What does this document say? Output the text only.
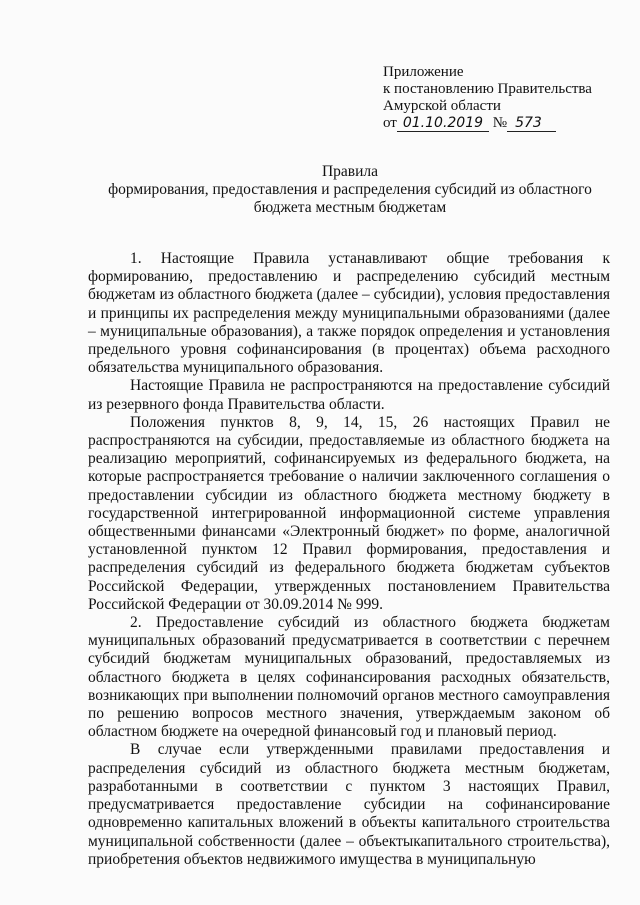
Приложение
к постановлению Правительства
Амурской области
от 01.10.2019 № 573
Правила
формирования, предоставления и распределения субсидий из областного бюджета местным бюджетам

1. Настоящие Правила устанавливают общие требования к формированию, предоставлению и распределению субсидий местным бюджетам из областного бюджета (далее – субсидии), условия предоставления и принципы их распределения между муниципальными образованиями (далее – муниципальные образования), а также порядок определения и установления предельного уровня софинансирования (в процентах) объема расходного обязательства муниципального образования.

Настоящие Правила не распространяются на предоставление субсидий из резервного фонда Правительства области.

Положения пунктов 8, 9, 14, 15, 26 настоящих Правил не распространяются на субсидии, предоставляемые из областного бюджета на реализацию мероприятий, софинансируемых из федерального бюджета, на которые распространяется требование о наличии заключенного соглашения о предоставлении субсидии из областного бюджета местному бюджету в государственной интегрированной информационной системе управления общественными финансами «Электронный бюджет» по форме, аналогичной установленной пунктом 12 Правил формирования, предоставления и распределения субсидий из федерального бюджета бюджетам субъектов Российской Федерации, утвержденных постановлением Правительства Российской Федерации от 30.09.2014 № 999.

2. Предоставление субсидий из областного бюджета бюджетам муниципальных образований предусматривается в соответствии с перечнем субсидий бюджетам муниципальных образований, предоставляемых из областного бюджета в целях софинансирования расходных обязательств, возникающих при выполнении полномочий органов местного самоуправления по решению вопросов местного значения, утверждаемым законом об областном бюджете на очередной финансовый год и плановый период.

В случае если утвержденными правилами предоставления и распределения субсидий из областного бюджета местным бюджетам, разработанными в соответствии с пунктом 3 настоящих Правил, предусматривается предоставление субсидии на софинансирование одновременно капитальных вложений в объекты капитального строительства муниципальной собственности (далее – объектыкапитального строительства), приобретения объектов недвижимого имущества в муниципальную
